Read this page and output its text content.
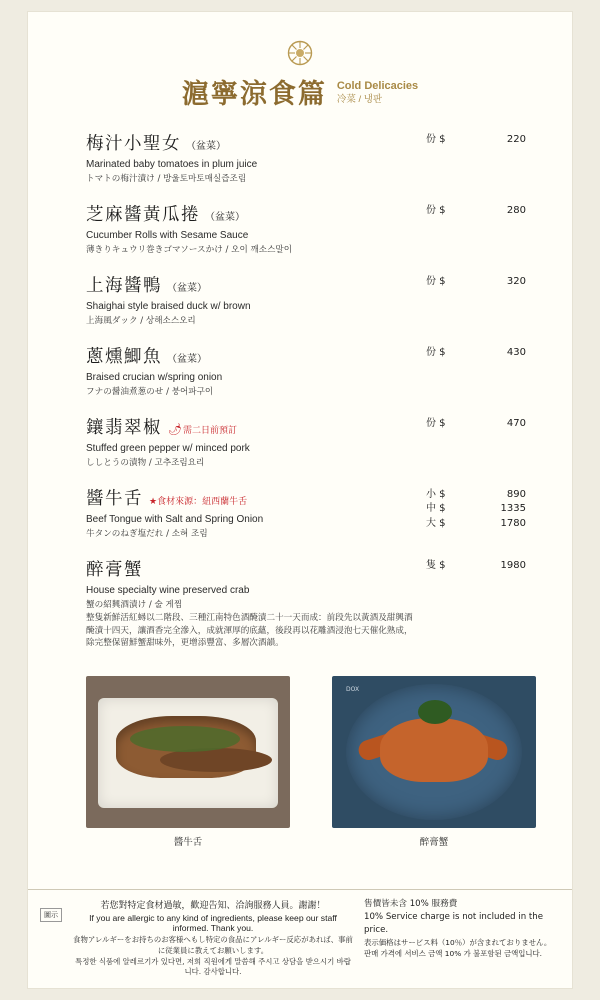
滬寧涼食篇 Cold Delicacies
冷菜 / 냉판
梅汁小聖女 （盆菜）
Marinated baby tomatoes in plum juice
トマトの梅汁漬け / 방울토마토매실즙조림
份 $	220
芝麻醬黃瓜捲 （盆菜）
Cucumber Rolls with Sesame Sauce
薄きりキュウリ巻きゴマソースかけ / 오이 깨소스말이
份 $	280
上海醬鴨 （盆菜）
Shaighai style braised duck w/ brown
上海風ダック / 상해소스오리
份 $	320
蔥燻鯽魚 （盆菜）
Braised crucian w/spring onion
フナの醤油煮葱のせ / 붕어파구이
份 $	430
鑲翡翠椒 🌶需二日前預訂
Stuffed green pepper w/ minced pork
ししとうの漬物 / 고추조림요리
份 $	470
醬牛舌 ★食材來源：紐西蘭牛舌
Beef Tongue with Salt and Spring Onion
牛タンのねぎ塩だれ / 소혀 조림
小 $	890
中 $	1335
大 $	1780
醉膏蟹
House specialty wine preserved crab
蟹の紹興酒漬け / 술 게찜
整隻新鮮活紅蟳以二階段、三種江南特色酒醃漬二十一天而成：前段先以黃酒及甜興酒醃漬十四天，讓酒香完全滲入，成就渾厚的底蘊，後段再以花雕酒浸泡七天催化熟成，除完整保留鮮蟹甜味外，更增添豐富、多層次酒韻。
隻 $	1980
醬牛舌
DOX
醉膏蟹
圖示
若您對特定食材過敏，歡迎告知、洽詢服務人員。謝謝！
If you are allergic to any kind of ingredients, please keep our staff informed. Thank you.
食物アレルギーをお持ちのお客様へもし特定の食品にアレルギー反応があれば、事前に従業員に教えてお願いします。
특정한 식품에 알레르기가 있다면, 저희 직원에게 말씀해 주시고 상담을 받으시기 바랍니다. 감사합니다.
售價皆未含 10% 服務費
10% Service charge is not included in the price.
表示価格はサービス料（10％）が含まれておりません。
판매 가격에 서비스 금액 10% 가 불포함된 금액입니다.
